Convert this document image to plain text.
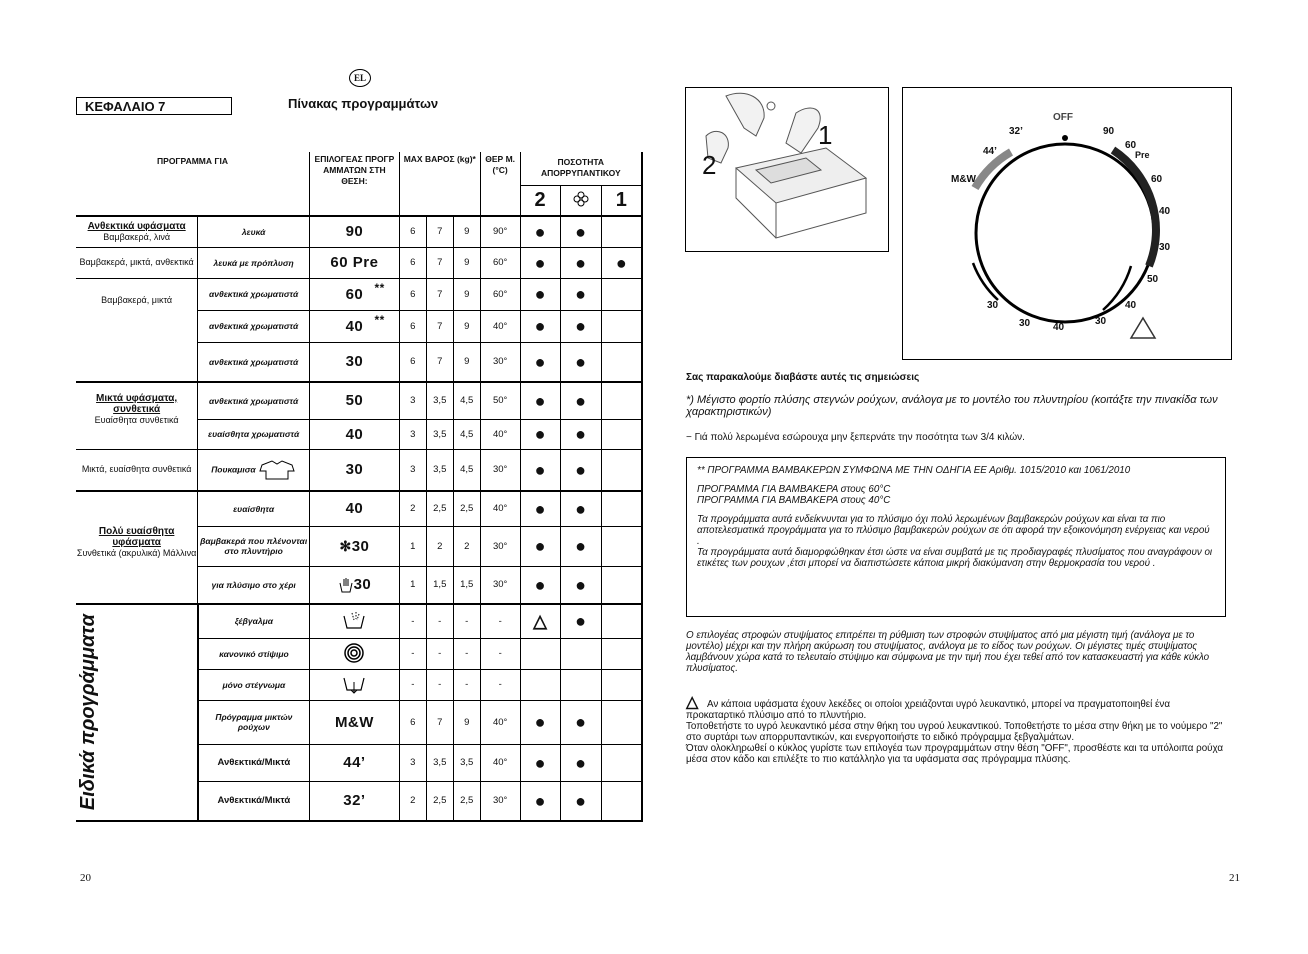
EL
ΚΕΦΑΛΑΙΟ 7	Πίνακας προγραμμάτων
ΠΡΟΓΡΑΜΜΑ ΓΙΑ		ΕΠΙΛΟΓΕΑΣ ΠΡΟΓΡ ΑΜΜΑΤΩΝ ΣΤΗ ΘΕΣΗ:	MAX ΒΑΡΟΣ (kg)*			ΘΕΡ Μ. (°C)	ΠΟΣΟΤΗΤΑ ΑΠΟΡΡΥΠΑΝΤΙΚΟΥ		
							2		1
Ανθεκτικά υφάσματα
Βαμβακερά, λινά	λευκά	90	6	7	9	90°	●	●	
Βαμβακερά, μικτά, ανθεκτικά	λευκά με πρόπλυση	60 Pre	6	7	9	60°	●	●	●
Βαμβακερά, μικτά	ανθεκτικά χρωματιστά	60 **	6	7	9	60°	●	●	
	ανθεκτικά χρωματιστά	40 **	6	7	9	40°	●	●	
	ανθεκτικά χρωματιστά	30	6	7	9	30°	●	●	
Μικτά υφάσματα, συνθετικά
Ευαίσθητα συνθετικά	ανθεκτικά χρωματιστά	50	3	3,5	4,5	50°	●	●	
	ευαίσθητα χρωματιστά	40	3	3,5	4,5	40°	●	●	
Μικτά, ευαίσθητα συνθετικά	Πουκαμισα	30	3	3,5	4,5	30°	●	●	
Πολύ ευαίσθητα υφάσματα
Συνθετικά (ακρυλικά) Μάλλινα	ευαίσθητα	40	2	2,5	2,5	40°	●	●	
	βαμβακερά που πλένονται στο πλυντήριο	✻30	1	2	2	30°	●	●	
	για πλύσιμο στο χέρι	30	1	1,5	1,5	30°	●	●	

Ειδικά προγράμματα	ξέβγαλμα		-	-	-	-	△	●	
	κανονικό στίψιμο		-	-	-	-			
	μόνο στέγνωμα		-	-	-	-			
	Πρόγραμμα μικτών ρούχων	M&W	6	7	9	40°	●	●	
	Ανθεκτικά/Μικτά	44’	3	3,5	3,5	40°	●	●	
	Ανθεκτικά/Μικτά	32’	2	2,5	2,5	30°	●	●	
20	21
1
2
OFF
90
60
Pre
60
40
30
50
40
30
40
30
30
M&W
44’
32’
Σας παρακαλούμε διαβάστε αυτές τις σημειώσεις
*) Μέγιστο φορτίο πλύσης στεγνών ρούχων, ανάλογα με το μοντέλο του πλυντηρίου (κοιτάξτε την πινακίδα των χαρακτηριστικών)
− Γιά πολύ λερωμένα εσώρουχα μην ξεπερνάτε την ποσότητα των 3/4 κιλών.

** ΠΡΟΓΡΑΜΜΑ ΒΑΜΒΑΚΕΡΩΝ ΣΥΜΦΩΝΑ ΜΕ ΤΗΝ ΟΔΗΓΙΑ ΕΕ Αριθμ. 1015/2010 και 1061/2010

ΠΡΟΓΡΑΜΜΑ ΓΙΑ ΒΑΜΒΑΚΕΡΑ στους 60°C

ΠΡΟΓΡΑΜΜΑ ΓΙΑ ΒΑΜΒΑΚΕΡΑ στους 40°C

Τα προγράμματα αυτά ενδείκνυνται για το πλύσιμο όχι πολύ λερωμένων βαμβακερών ρούχων και είναι τα πιο αποτελεσματικά προγράμματα για το πλύσιμο βαμβακερών ρούχων σε ότι αφορά την εξοικονόμηση ενέργειας και νερού .

Τα προγράμματα αυτά διαμορφώθηκαν έτσι ώστε να είναι συμβατά με τις προδιαγραφές πλυσίματος που αναγράφουν οι ετικέτες των ρουχων ,έτσι μπορεί να διαπιστώσετε κάποια μικρή διακύμανση στην θερμοκρασία του νερού .

Ο επιλογέας στροφών στυψίματος επιτρέπει τη ρύθμιση των στροφών στυψίματος από μια μέγιστη τιμή (ανάλογα με το μοντέλο) μέχρι και την πλήρη ακύρωση του στυψίματος, ανάλογα με το είδος των ρούχων. Οι μέγιστες τιμές στυψίματος λαμβάνουν χώρα κατά το τελευταίο στύψιμο και σύμφωνα με την τιμή που έχει τεθεί από τον κατασκευαστή για κάθε κύκλο πλυσίματος.
△ Αν κάποια υφάσματα έχουν λεκέδες οι οποίοι χρειάζονται υγρό λευκαντικό, μπορεί να πραγματοποιηθεί ένα προκαταρτικό πλύσιμο από το πλυντήριο.
Τοποθετήστε το υγρό λευκαντικό μέσα στην θήκη του υγρού λευκαντικού. Τοποθετήστε το μέσα στην θήκη με το νούμερο "2" στο συρτάρι των απορρυπαντικών, και ενεργοποιήστε το ειδικό πρόγραμμα ξεβγαλμάτων.
Όταν ολοκληρωθεί ο κύκλος γυρίστε των επιλογέα των προγραμμάτων στην θέση "OFF", προσθέστε και τα υπόλοιπα ρούχα μέσα στον κάδο και επιλέξτε το πιο κατάλληλο για τα υφάσματα σας πρόγραμμα πλύσης.
